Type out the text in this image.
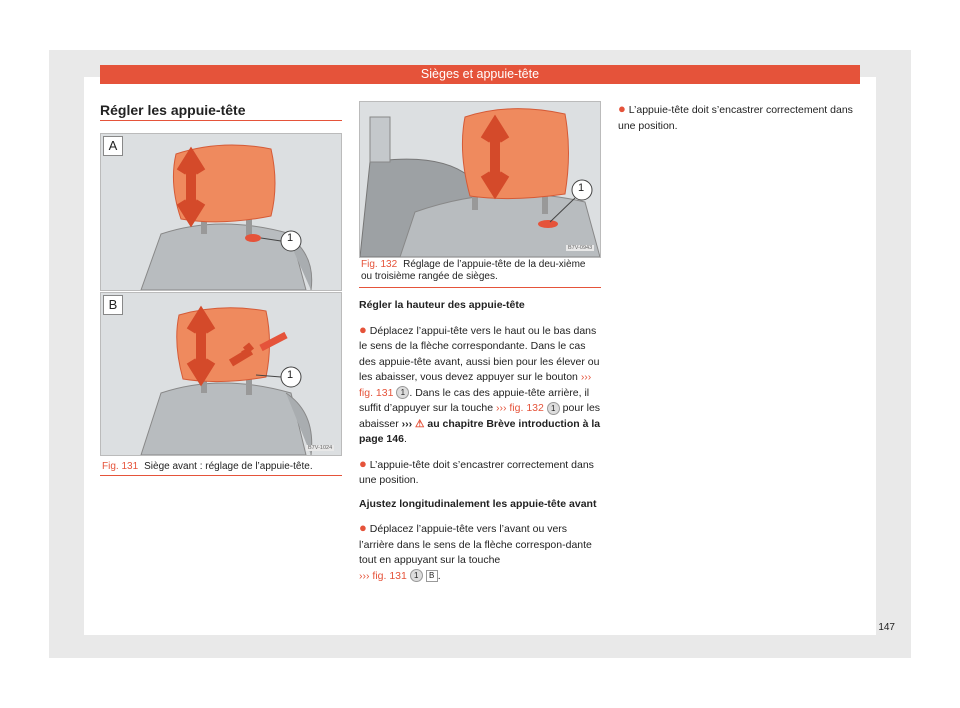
Sièges et appuie-tête
Régler les appuie-tête
A
B
1
1
B7V-1024
Fig. 131 Siège avant : réglage de l’appuie-tête.
1
B7V-0943
Fig. 132 Réglage de l’appuie-tête de la deu-xième ou troisième rangée de sièges.
Régler la hauteur des appuie-tête

● Déplacez l’appui-tête vers le haut ou le bas dans le sens de la flèche correspondante. Dans le cas des appuie-tête avant, aussi bien pour les élever ou les abaisser, vous devez appuyer sur le bouton ››› fig. 131 1 . Dans le cas des appuie-tête arrière, il suffit d’appuyer sur la touche ››› fig. 132 1 pour les abaisser ››› ⚠ au chapitre Brève introduction à la page 146.

● L’appuie-tête doit s’encastrer correctement dans une position.

Ajustez longitudinalement les appuie-tête avant

● Déplacez l’appuie-tête vers l’avant ou vers l’arrière dans le sens de la flèche correspon-dante tout en appuyant sur la touche
››› fig. 131 1 B .

● L’appuie-tête doit s’encastrer correctement dans une position.

147
